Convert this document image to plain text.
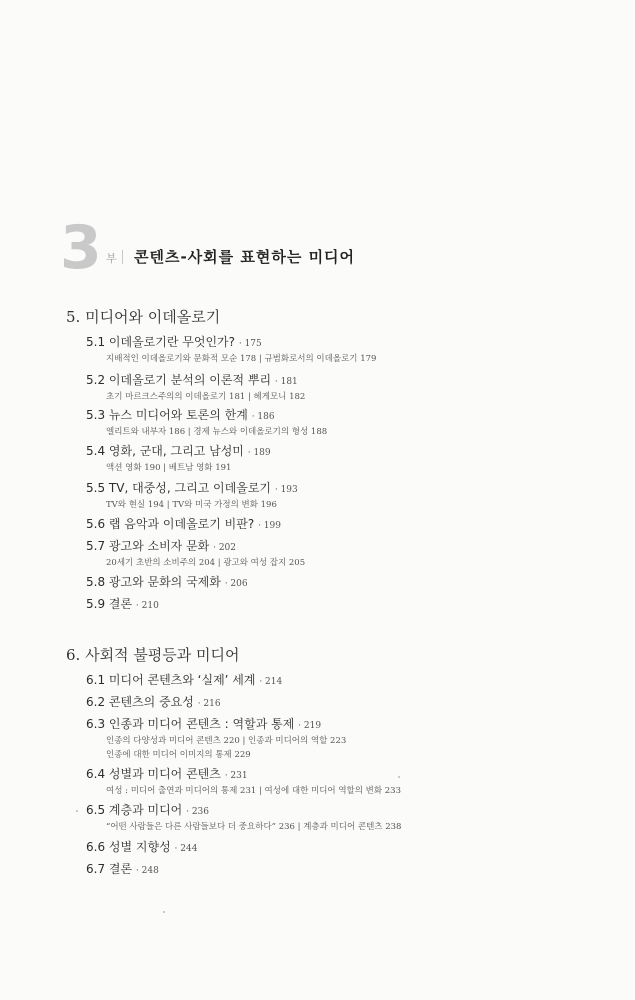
3 부 콘텐츠-사회를 표현하는 미디어
5. 미디어와 이데올로기
5.1 이데올로기란 무엇인가? · 175
지배적인 이데올로기와 문화적 모순 178 | 규범화로서의 이데올로기 179
5.2 이데올로기 분석의 이론적 뿌리 · 181
초기 마르크스주의의 이데올로기 181 | 헤게모니 182
5.3 뉴스 미디어와 토론의 한계 · 186
엘리트와 내부자 186 | 경제 뉴스와 이데올로기의 형성 188
5.4 영화, 군대, 그리고 남성미 · 189
액션 영화 190 | 베트남 영화 191
5.5 TV, 대중성, 그리고 이데올로기 · 193
TV와 현실 194 | TV와 미국 가정의 변화 196
5.6 랩 음악과 이데올로기 비판? · 199
5.7 광고와 소비자 문화 · 202
20세기 초반의 소비주의 204 | 광고와 여성 잡지 205
5.8 광고와 문화의 국제화 · 206
5.9 결론 · 210
6. 사회적 불평등과 미디어
6.1 미디어 콘텐츠와 ‘실제’ 세계 · 214
6.2 콘텐츠의 중요성 · 216
6.3 인종과 미디어 콘텐츠 : 역할과 통제 · 219
인종의 다양성과 미디어 콘텐츠 220 | 인종과 미디어의 역할 223
인종에 대한 미디어 이미지의 통제 229
6.4 성별과 미디어 콘텐츠 · 231
여성 : 미디어 출연과 미디어의 통제 231 | 여성에 대한 미디어 역할의 변화 233
6.5 계층과 미디어 · 236
“어떤 사람들은 다른 사람들보다 더 중요하다” 236 | 계층과 미디어 콘텐츠 238
6.6 성별 지향성 · 244
6.7 결론 · 248
